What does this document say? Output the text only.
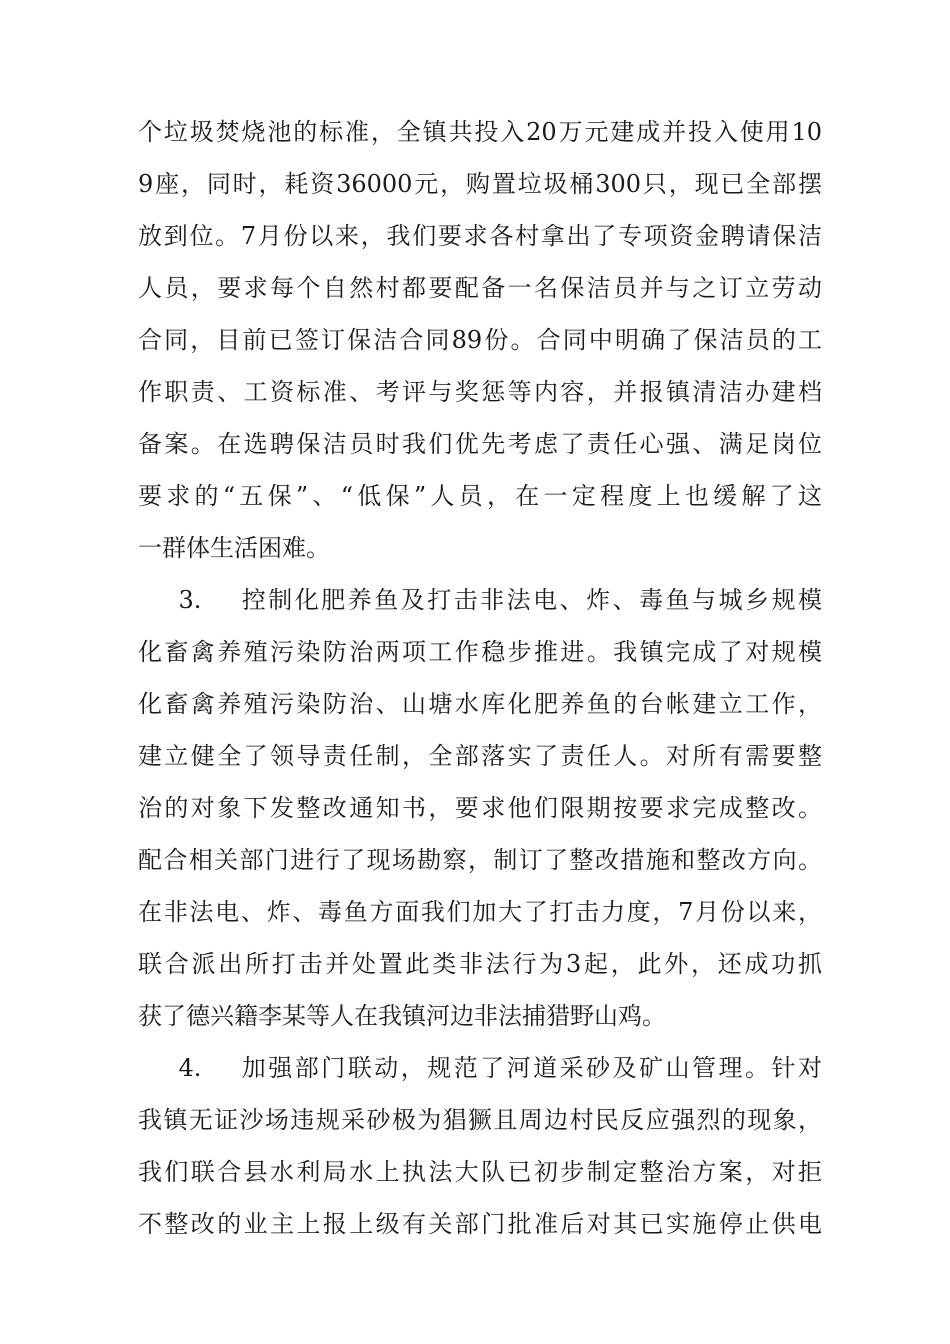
个垃圾焚烧池的标准，全镇共投入20万元建成并投入使用10
9座，同时，耗资36000元，购置垃圾桶300只，现已全部摆
放到位。7月份以来，我们要求各村拿出了专项资金聘请保洁
人员，要求每个自然村都要配备一名保洁员并与之订立劳动
合同，目前已签订保洁合同89份。合同中明确了保洁员的工
作职责、工资标准、考评与奖惩等内容，并报镇清洁办建档
备案。在选聘保洁员时我们优先考虑了责任心强、满足岗位
要求的“五保”、“低保”人员，在一定程度上也缓解了这
一群体生活困难。
3.    控制化肥养鱼及打击非法电、炸、毒鱼与城乡规模
化畜禽养殖污染防治两项工作稳步推进。我镇完成了对规模
化畜禽养殖污染防治、山塘水库化肥养鱼的台帐建立工作，
建立健全了领导责任制，全部落实了责任人。对所有需要整
治的对象下发整改通知书，要求他们限期按要求完成整改。
配合相关部门进行了现场勘察，制订了整改措施和整改方向。
在非法电、炸、毒鱼方面我们加大了打击力度，7月份以来，
联合派出所打击并处置此类非法行为3起，此外，还成功抓
获了德兴籍李某等人在我镇河边非法捕猎野山鸡。
4.    加强部门联动，规范了河道采砂及矿山管理。针对
我镇无证沙场违规采砂极为猖獗且周边村民反应强烈的现象，
我们联合县水利局水上执法大队已初步制定整治方案，对拒
不整改的业主上报上级有关部门批准后对其已实施停止供电
